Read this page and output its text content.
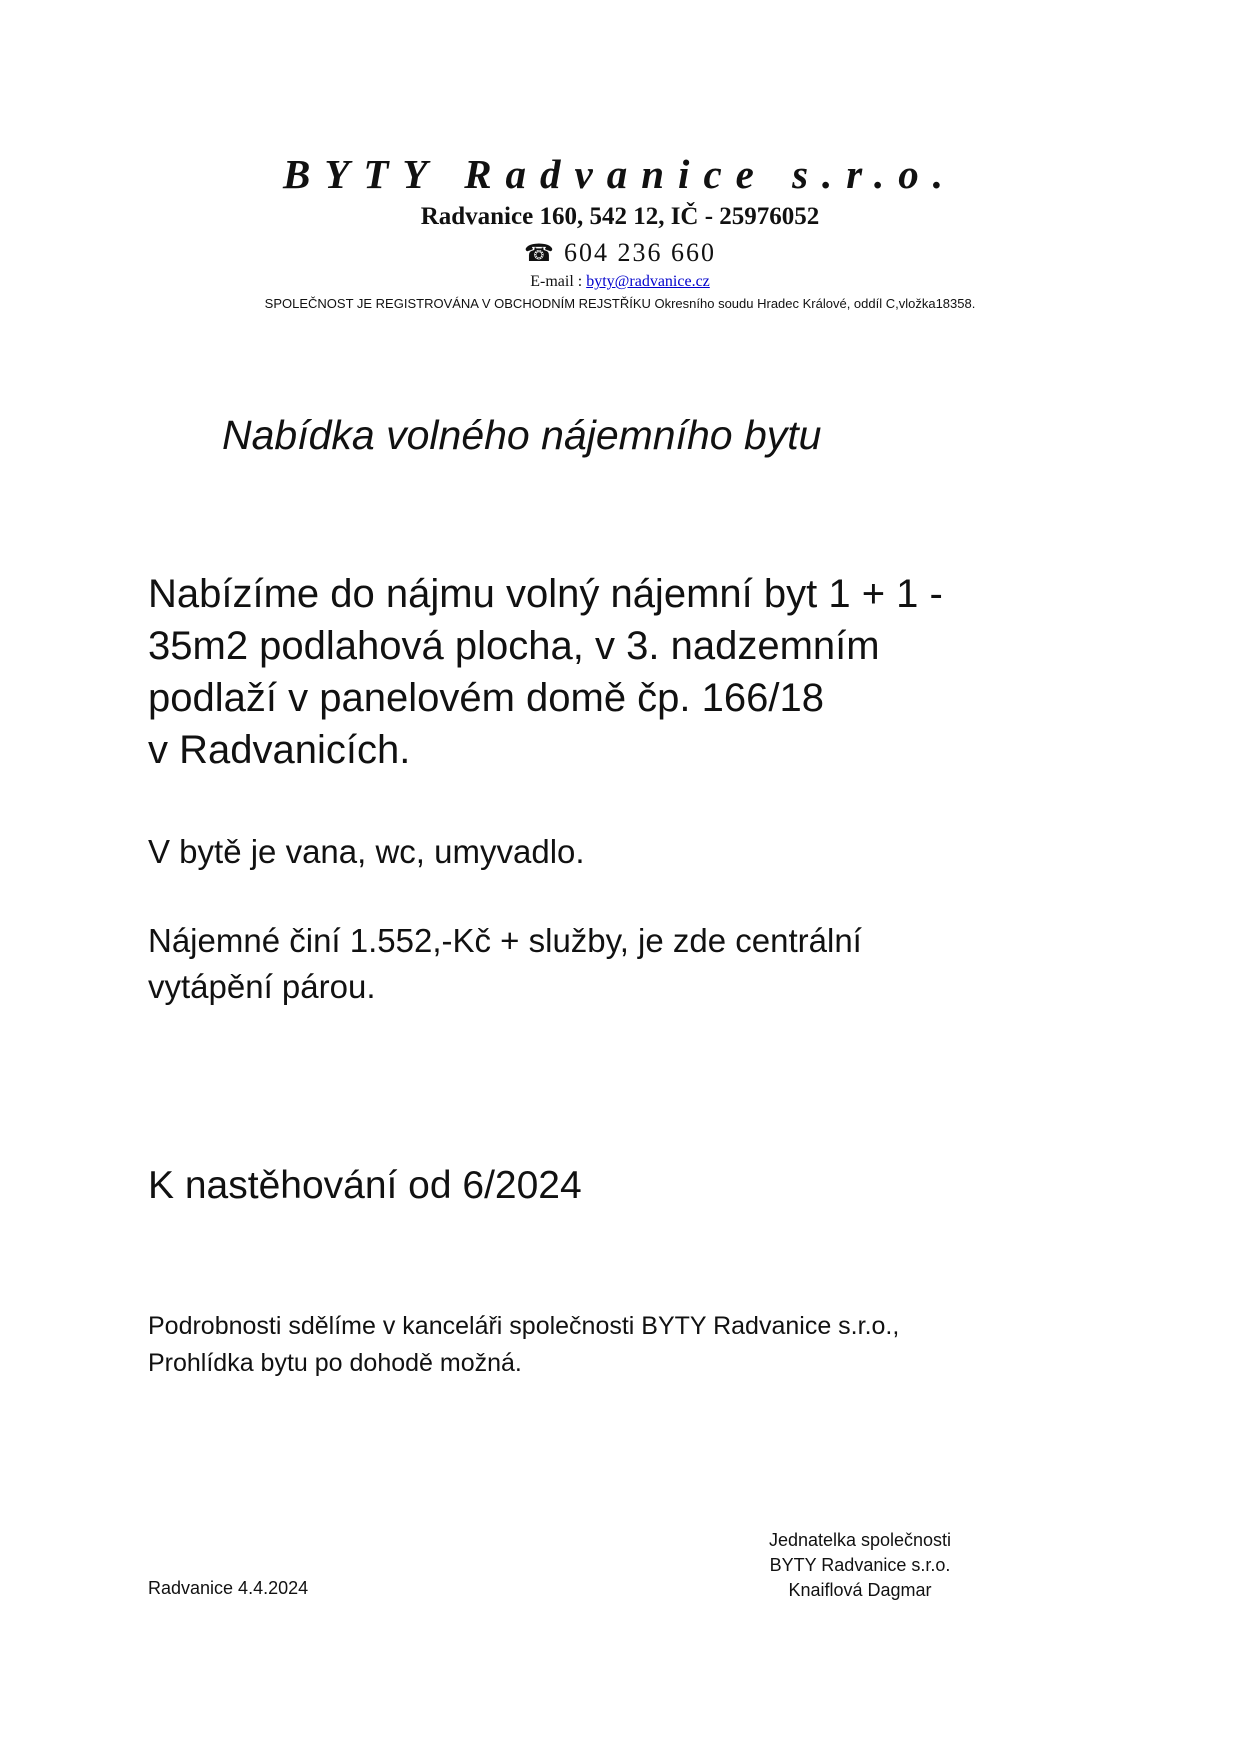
BYTY Radvanice s.r.o.
Radvanice 160, 542 12, IČ - 25976052
☎ 604 236 660
E-mail : byty@radvanice.cz
SPOLEČNOST JE REGISTROVÁNA V OBCHODNÍM REJSTŘÍKU Okresního soudu Hradec Králové, oddíl C,vložka18358.
Nabídka volného nájemního bytu
Nabízíme do nájmu volný nájemní byt 1 + 1 -
35m2 podlahová plocha, v 3. nadzemním
podlaží v panelovém domě čp. 166/18
v Radvanicích.
V bytě je vana, wc, umyvadlo.
Nájemné činí 1.552,-Kč + služby, je zde centrální
vytápění párou.
K nastěhování od 6/2024
Podrobnosti sdělíme v kanceláři společnosti BYTY Radvanice s.r.o.,
Prohlídka bytu po dohodě možná.
Radvanice 4.4.2024
Jednatelka společnosti
BYTY Radvanice s.r.o.
Knaiflová Dagmar
